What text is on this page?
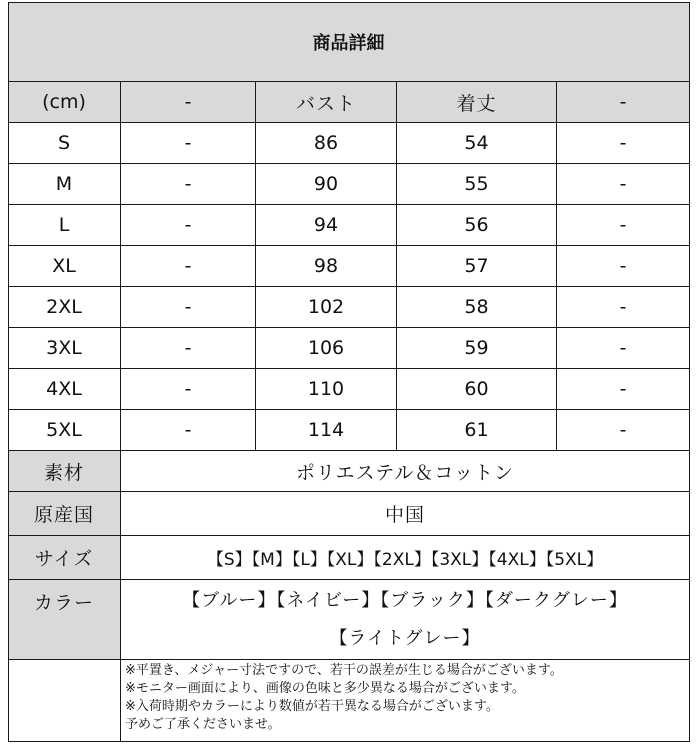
商品詳細
(cm)	-	バスト	着丈	-
S	-	86	54	-
M	-	90	55	-
L	-	94	56	-
XL	-	98	57	-
2XL	-	102	58	-
3XL	-	106	59	-
4XL	-	110	60	-
5XL	-	114	61	-
素材	ポリエステル＆コットン
原産国	中国
サイズ	【S】【M】【L】【XL】【2XL】【3XL】【4XL】【5XL】
カラー	【ブルー】【ネイビー】【ブラック】【ダークグレー】
【ライトグレー】
※平置き、メジャー寸法ですので、若干の誤差が生じる場合がございます。
※モニター画面により、画像の色味と多少異なる場合がございます。
※入荷時期やカラーにより数値が若干異なる場合がございます。
予めご了承くださいませ。
